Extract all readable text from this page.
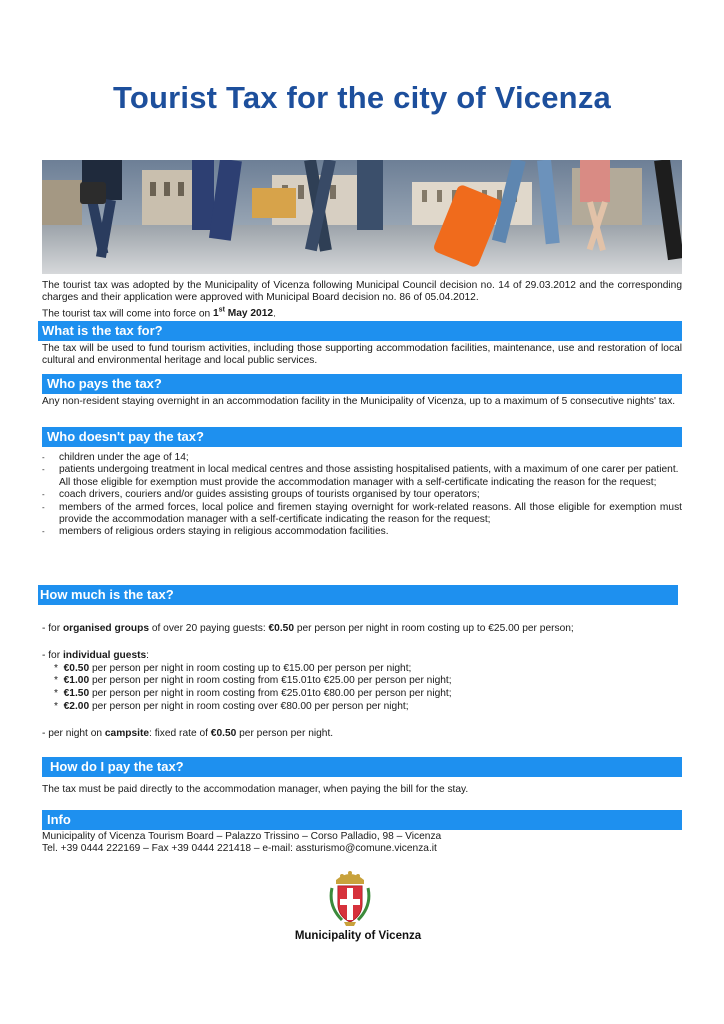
Tourist Tax for the city of Vicenza
The tourist tax was adopted by the Municipality of Vicenza following Municipal Council decision no. 14 of 29.03.2012 and the corresponding charges and their application were approved with Municipal Board decision no. 86 of 05.04.2012.
The tourist tax will come into force on 1st May 2012.
What is the tax for?
The tax will be used to fund tourism activities, including those supporting accommodation facilities, maintenance, use and restoration of local cultural and environmental heritage and local public services.
Who pays the tax?
Any non-resident staying overnight in an accommodation facility in the Municipality of Vicenza, up to a maximum of 5 consecutive nights' tax.
Who doesn't pay the tax?
- children under the age of 14;
- patients undergoing treatment in local medical centres and those assisting hospitalised patients, with a maximum of one carer per patient.
All those eligible for exemption must provide the accommodation manager with a self-certificate indicating the reason for the request;
- coach drivers, couriers and/or guides assisting groups of tourists organised by tour operators;
- members of the armed forces, local police and firemen staying overnight for work-related reasons. All those eligible for exemption must provide the accommodation manager with a self-certificate indicating the reason for the request;
- members of religious orders staying in religious accommodation facilities.
How much is the tax?
- for organised groups of over 20 paying guests: €0.50 per person per night in room costing up to €25.00 per person;
- for individual guests:
* €0.50 per person per night in room costing up to €15.00 per person per night;
* €1.00 per person per night in room costing from €15.01to €25.00 per person per night;
* €1.50 per person per night in room costing from €25.01to €80.00 per person per night;
* €2.00 per person per night in room costing over €80.00 per person per night;
- per night on campsite: fixed rate of €0.50 per person per night.
How do I pay the tax?
The tax must be paid directly to the accommodation manager, when paying the bill for the stay.
Info
Municipality of Vicenza Tourism Board – Palazzo Trissino – Corso Palladio, 98 – Vicenza
Tel. +39 0444 222169 – Fax +39 0444 221418 – e-mail: assturismo@comune.vicenza.it
Municipality of Vicenza
